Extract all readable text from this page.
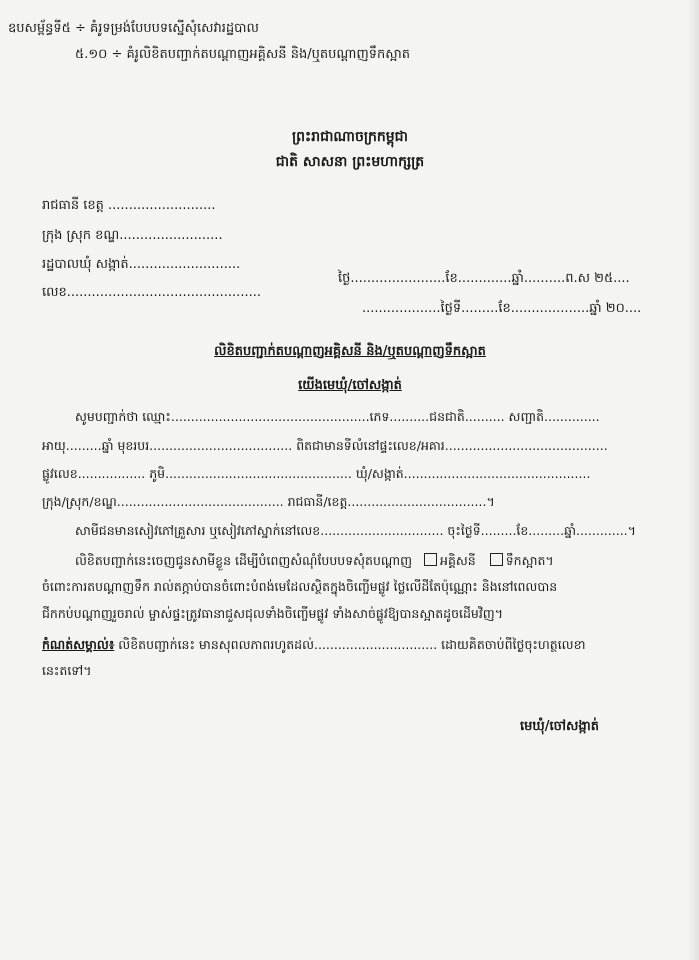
ឧបសម្ព័ន្ធទី៥ ÷ គំរូទម្រង់បែបបទស្នើសុំសេវារដ្ឋបាល
៥.១០ ÷ គំរូលិខិតបញ្ជាក់តបណ្តាញអគ្គិសនី និង/ឬតបណ្តាញទឹកស្អាត
ព្រះរាជាណាចក្រកម្ពុជា
ជាតិ សាសនា ព្រះមហាក្សត្រ
រាជធានី ខេត្ត ..........................
ក្រុង ស្រុក ខណ្ឌ.........................
រដ្ឋបាលឃុំ សង្កាត់...........................
លេខ...............................................
ថ្ងៃ.......................ខែ.............ឆ្នាំ..........ព.ស ២៥....
...................ថ្ងៃទី.........ខែ...................ឆ្នាំ ២០....
លិខិតបញ្ជាក់តបណ្តាញអគ្គិសនី និង/ឬតបណ្តាញទឹកស្អាត
យើងមេឃុំ/ចៅសង្កាត់
សូមបញ្ជាក់ថា ឈ្មោះ..................................................ភេទ..........ជនជាតិ.......... សញ្ជាតិ..............
អាយុ.........ឆ្នាំ មុខរបរ.................................... ពិតជាមានទីលំនៅផ្ទះលេខ/អគារ.........................................
ផ្លូវលេខ................. ភូមិ............................................... ឃុំ/សង្កាត់...............................................
ក្រុង/ស្រុក/ខណ្ឌ.......................................... រាជធានី/ខេត្ត...................................។
សាមីជនមានសៀវភៅគ្រួសារ ឬសៀវភៅស្នាក់នៅលេខ............................... ចុះថ្ងៃទី.........ខែ.........ឆ្នាំ.............។
លិខិតបញ្ជាក់នេះចេញជូនសាមីខ្លួន ដើម្បីបំពេញសំណុំបែបបទសុំតបណ្តាញ អគ្គិសនី ទឹកស្អាត។
ចំពោះការតបណ្តាញទឹក រាល់តក្ភាប់បានចំពោះបំពង់មេដែលស្ថិតក្នុងចិញ្ចើមផ្លូវ ថ្លៃលើដីតែប៉ុណ្ណោះ និងនៅពេលបាន
ជីកកប់បណ្តាញរួចរាល់ ម្ចាស់ផ្ទះត្រូវធានាជួសជុលទាំងចិញ្ចើមផ្លូវ ទាំងសាច់ផ្លូវឱ្យបានស្អាតដូចដើមវិញ។
កំណត់សម្គាល់៖ លិខិតបញ្ជាក់នេះ មានសុពលភាពរហូតដល់............................... ដោយគិតចាប់ពីថ្ងៃចុះហត្ថលេខា
នេះតទៅ។
មេឃុំ/ចៅសង្កាត់
